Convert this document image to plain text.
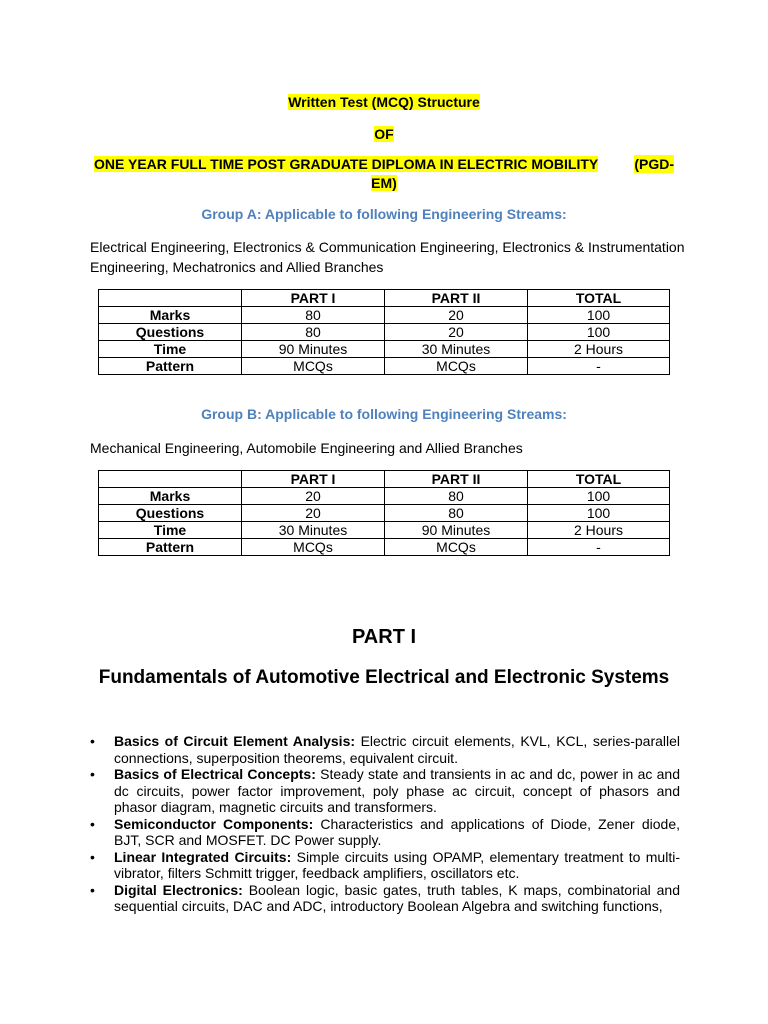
Written Test (MCQ) Structure
OF
ONE YEAR FULL TIME POST GRADUATE DIPLOMA IN ELECTRIC MOBILITY	(PGD-
EM)
Group A: Applicable to following Engineering Streams:
Electrical Engineering, Electronics & Communication Engineering, Electronics & Instrumentation Engineering, Mechatronics and Allied Branches
	PART I	PART II	TOTAL
Marks	80	20	100
Questions	80	20	100
Time	90 Minutes	30 Minutes	2 Hours
Pattern	MCQs	MCQs	-
Group B: Applicable to following Engineering Streams:
Mechanical Engineering, Automobile Engineering and Allied Branches
	PART I	PART II	TOTAL
Marks	20	80	100
Questions	20	80	100
Time	30 Minutes	90 Minutes	2 Hours
Pattern	MCQs	MCQs	-
PART I
Fundamentals of Automotive Electrical and Electronic Systems
• Basics of Circuit Element Analysis: Electric circuit elements, KVL, KCL, series-parallel connections, superposition theorems, equivalent circuit.
• Basics of Electrical Concepts: Steady state and transients in ac and dc, power in ac and dc circuits, power factor improvement, poly phase ac circuit, concept of phasors and phasor diagram, magnetic circuits and transformers.
• Semiconductor Components: Characteristics and applications of Diode, Zener diode, BJT, SCR and MOSFET. DC Power supply.
• Linear Integrated Circuits: Simple circuits using OPAMP, elementary treatment to multi-vibrator, filters Schmitt trigger, feedback amplifiers, oscillators etc.
• Digital Electronics: Boolean logic, basic gates, truth tables, K maps, combinatorial and sequential circuits, DAC and ADC, introductory Boolean Algebra and switching functions,
